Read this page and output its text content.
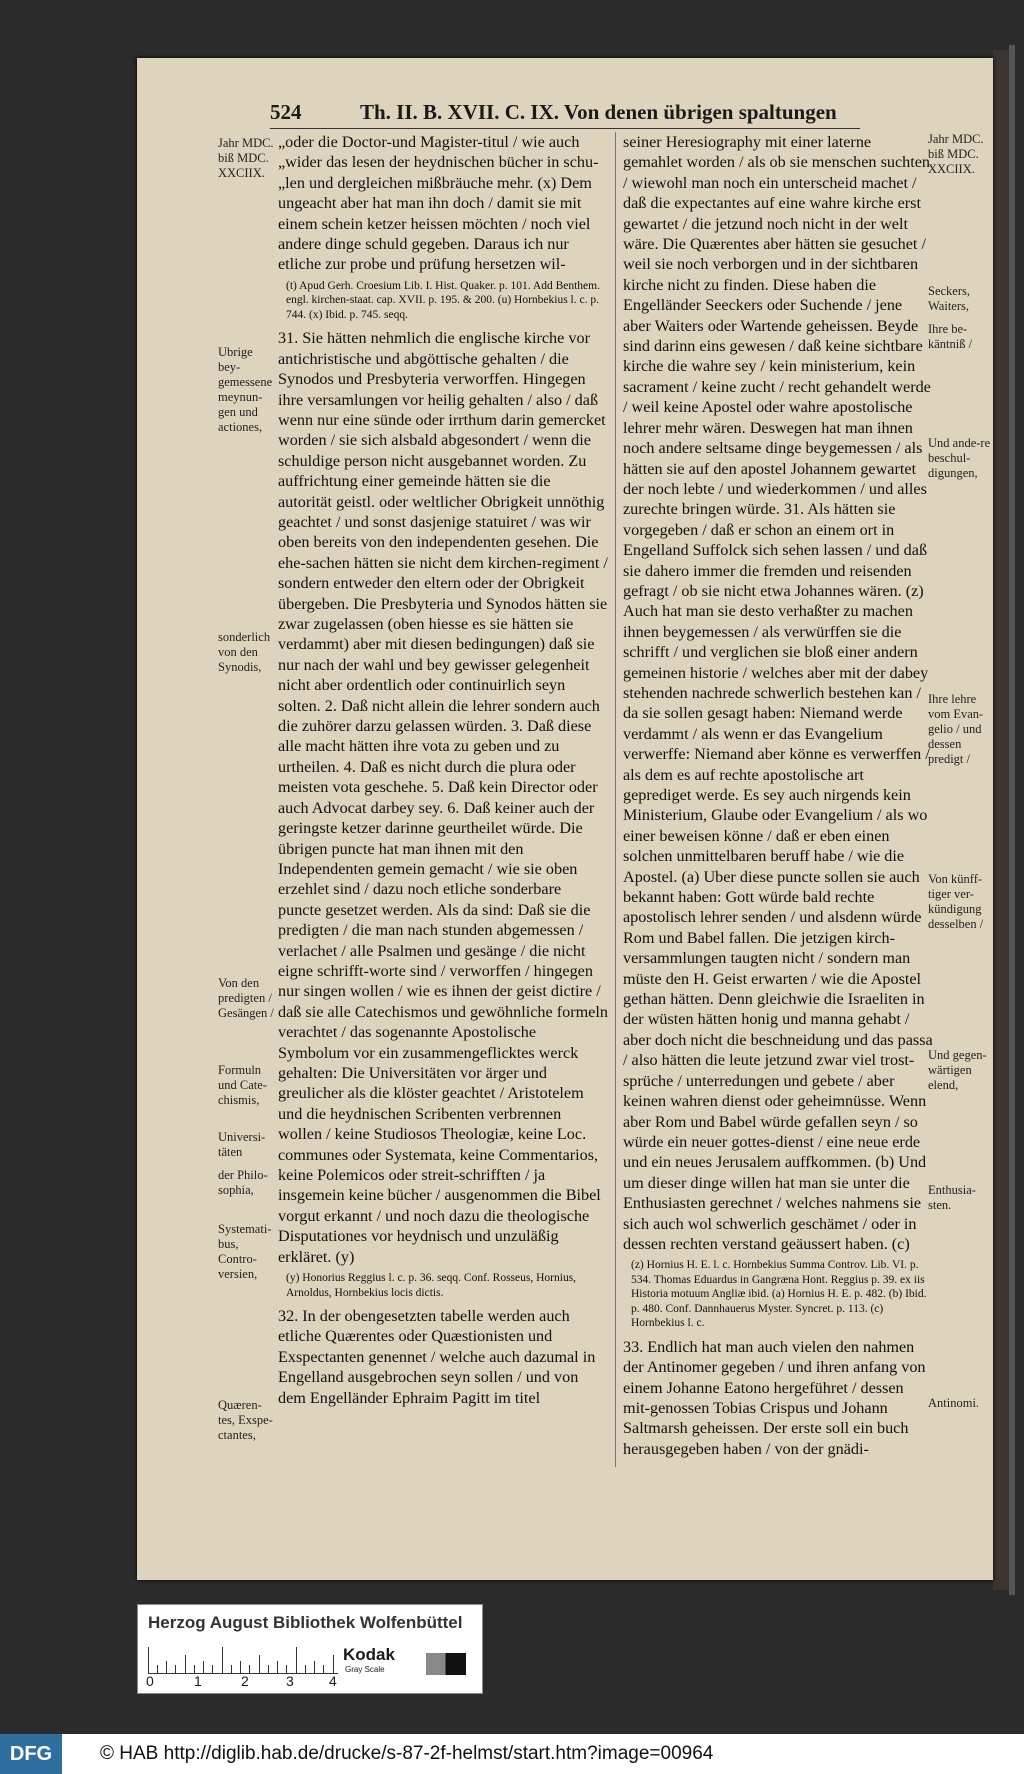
524	Th. II. B. XVII. C. IX. Von denen übrigen spaltungen
Jahr MDC. biß MDC. XXCIIX.
Ubrige bey-gemessene meynun-gen und actiones,
sonderlich von den Synodis,
Von den predigten / Gesängen /
Formuln und Cate-chismis,
Universi-täten
der Philo-sophia,
Systemati-bus, Contro-versien,
Quæren-tes, Exspe-ctantes,
Jahr MDC. biß MDC. XXCIIX.
Seckers, Waiters,
Ihre be-käntniß /
Und ande-re beschul-digungen,
Ihre lehre vom Evan-gelio / und dessen predigt /
Von künff-tiger ver-kündigung desselben /
Und gegen-wärtigen elend,
Enthusia-sten.
Antinomi.

„oder die Doctor-und Magister-titul / wie auch „wider das lesen der heydnischen bücher in schu-„len und dergleichen mißbräuche mehr. (x) Dem ungeacht aber hat man ihn doch / damit sie mit einem schein ketzer heissen möchten / noch viel andere dinge schuld gegeben. Daraus ich nur etliche zur probe und prüfung hersetzen wil-

(t) Apud Gerh. Croesium Lib. I. Hist. Quaker. p. 101. Add Benthem. engl. kirchen-staat. cap. XVII. p. 195. & 200. (u) Hornbekius l. c. p. 744. (x) Ibid. p. 745. seqq.

31. Sie hätten nehmlich die englische kirche vor antichristische und abgöttische gehalten / die Synodos und Presbyteria verworffen. Hingegen ihre versamlungen vor heilig gehalten / also / daß wenn nur eine sünde oder irrthum darin gemercket worden / sie sich alsbald abgesondert / wenn die schuldige person nicht ausgebannet worden. Zu auffrichtung einer gemeinde hätten sie die autorität geistl. oder weltlicher Obrigkeit unnöthig geachtet / und sonst dasjenige statuiret / was wir oben bereits von den independenten gesehen. Die ehe-sachen hätten sie nicht dem kirchen-regiment / sondern entweder den eltern oder der Obrigkeit übergeben. Die Presbyteria und Synodos hätten sie zwar zugelassen (oben hiesse es sie hätten sie verdammt) aber mit diesen bedingungen) daß sie nur nach der wahl und bey gewisser gelegenheit nicht aber ordentlich oder continuirlich seyn solten. 2. Daß nicht allein die lehrer sondern auch die zuhörer darzu gelassen würden. 3. Daß diese alle macht hätten ihre vota zu geben und zu urtheilen. 4. Daß es nicht durch die plura oder meisten vota geschehe. 5. Daß kein Director oder auch Advocat darbey sey. 6. Daß keiner auch der geringste ketzer darinne geurtheilet würde. Die übrigen puncte hat man ihnen mit den Independenten gemein gemacht / wie sie oben erzehlet sind / dazu noch etliche sonderbare puncte gesetzet werden. Als da sind: Daß sie die predigten / die man nach stunden abgemessen / verlachet / alle Psalmen und gesänge / die nicht eigne schrifft-worte sind / verworffen / hingegen nur singen wollen / wie es ihnen der geist dictire / daß sie alle Catechismos und gewöhnliche formeln verachtet / das sogenannte Apostolische Symbolum vor ein zusammengeflicktes werck gehalten: Die Universitäten vor ärger und greulicher als die klöster geachtet / Aristotelem und die heydnischen Scribenten verbrennen wollen / keine Studiosos Theologiæ, keine Loc. communes oder Systemata, keine Commentarios, keine Polemicos oder streit-schrifften / ja insgemein keine bücher / ausgenommen die Bibel vorgut erkannt / und noch dazu die theologische Disputationes vor heydnisch und unzuläßig erkläret. (y)

(y) Honorius Reggius l. c. p. 36. seqq. Conf. Rosseus, Hornius, Arnoldus, Hornbekius locis dictis.

32. In der obengesetzten tabelle werden auch etliche Quærentes oder Quæstionisten und Exspectanten genennet / welche auch dazumal in Engelland ausgebrochen seyn sollen / und von dem Engelländer Ephraim Pagitt im titel

seiner Heresiography mit einer laterne gemahlet worden / als ob sie menschen suchten / wiewohl man noch ein unterscheid machet / daß die expectantes auf eine wahre kirche erst gewartet / die jetzund noch nicht in der welt wäre. Die Quærentes aber hätten sie gesuchet / weil sie noch verborgen und in der sichtbaren kirche nicht zu finden. Diese haben die Engelländer Seeckers oder Suchende / jene aber Waiters oder Wartende geheissen. Beyde sind darinn eins gewesen / daß keine sichtbare kirche die wahre sey / kein ministerium, kein sacrament / keine zucht / recht gehandelt werde / weil keine Apostel oder wahre apostolische lehrer mehr wären. Deswegen hat man ihnen noch andere seltsame dinge beygemessen / als hätten sie auf den apostel Johannem gewartet der noch lebte / und wiederkommen / und alles zurechte bringen würde. 31. Als hätten sie vorgegeben / daß er schon an einem ort in Engelland Suffolck sich sehen lassen / und daß sie dahero immer die fremden und reisenden gefragt / ob sie nicht etwa Johannes wären. (z) Auch hat man sie desto verhaßter zu machen ihnen beygemessen / als verwürffen sie die schrifft / und verglichen sie bloß einer andern gemeinen historie / welches aber mit der dabey stehenden nachrede schwerlich bestehen kan / da sie sollen gesagt haben: Niemand werde verdammt / als wenn er das Evangelium verwerffe: Niemand aber könne es verwerffen / als dem es auf rechte apostolische art geprediget werde. Es sey auch nirgends kein Ministerium, Glaube oder Evangelium / als wo einer beweisen könne / daß er eben einen solchen unmittelbaren beruff habe / wie die Apostel. (a) Uber diese puncte sollen sie auch bekannt haben: Gott würde bald rechte apostolisch lehrer senden / und alsdenn würde Rom und Babel fallen. Die jetzigen kirch-versammlungen taugten nicht / sondern man müste den H. Geist erwarten / wie die Apostel gethan hätten. Denn gleichwie die Israeliten in der wüsten hätten honig und manna gehabt / aber doch nicht die beschneidung und das passa / also hätten die leute jetzund zwar viel trost-sprüche / unterredungen und gebete / aber keinen wahren dienst oder geheimnüsse. Wenn aber Rom und Babel würde gefallen seyn / so würde ein neuer gottes-dienst / eine neue erde und ein neues Jerusalem auffkommen. (b) Und um dieser dinge willen hat man sie unter die Enthusiasten gerechnet / welches nahmens sie sich auch wol schwerlich geschämet / oder in dessen rechten verstand geäussert haben. (c)

(z) Hornius H. E. l. c. Hornbekius Summa Controv. Lib. VI. p. 534. Thomas Eduardus in Gangræna Hont. Reggius p. 39. ex iis Historia motuum Angliæ ibid. (a) Hornius H. E. p. 482. (b) Ibid. p. 480. Conf. Dannhauerus Myster. Syncret. p. 113. (c) Hornbekius l. c.

33. Endlich hat man auch vielen den nahmen der Antinomer gegeben / und ihren anfang von einem Johanne Eatono hergeführet / dessen mit-genossen Tobias Crispus und Johann Saltmarsh geheissen. Der erste soll ein buch herausgegeben haben / von der gnädi-

Herzog August Bibliothek Wolfenbüttel
0	1	2	3	4
Kodak
Gray Scale
DFG	© HAB http://diglib.hab.de/drucke/s-87-2f-helmst/start.htm?image=00964
